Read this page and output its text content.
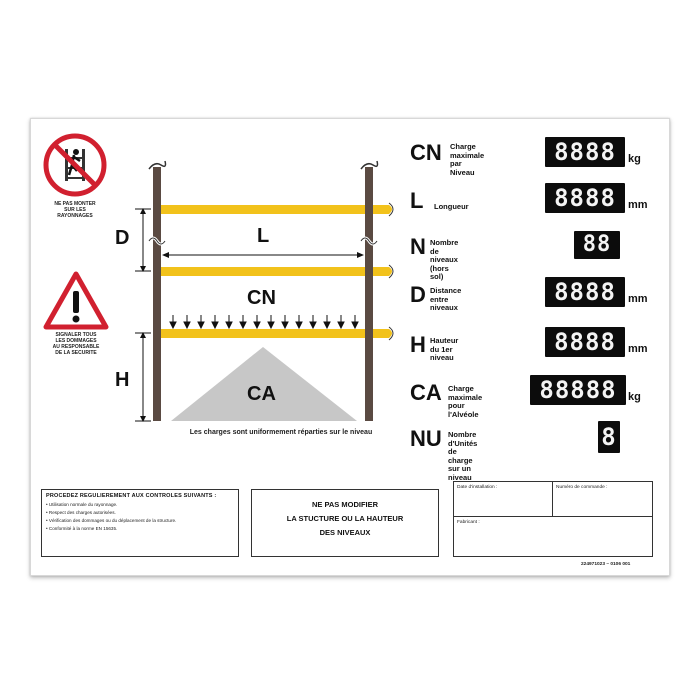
NE PAS MONTER
SUR LES
RAYONNAGES
SIGNALER TOUS
LES DOMMAGES
AU RESPONSABLE
DE LA SECURITE
D	L
CN
H
CA
Les charges sont uniformement réparties sur le niveau
CN Charge maximale
par Niveau
8888	kg
L Longueur	8888	mm
N Nombre de niveaux
(hors sol)
88
D Distance
entre niveaux
8888	mm
H Hauteur
du 1er niveau
8888	mm
CA Charge maximale
pour l'Alvéole
88888	kg
NU Nombre d'Unités de charge
sur un niveau
8
PROCEDEZ REGULIEREMENT AUX CONTROLES SUIVANTS :
• Utilisation normale du rayonnage.
• Respect des charges autorisées.
• Vérification des dommages ou du déplacement de la structure.
• Conformité à la norme EN 15635.
NE PAS MODIFIER
LA STUCTURE OU LA HAUTEUR
DES NIVEAUX
Date d'installation :	Numéro de commande :
Fabricant :
224971023 – 0106 001
